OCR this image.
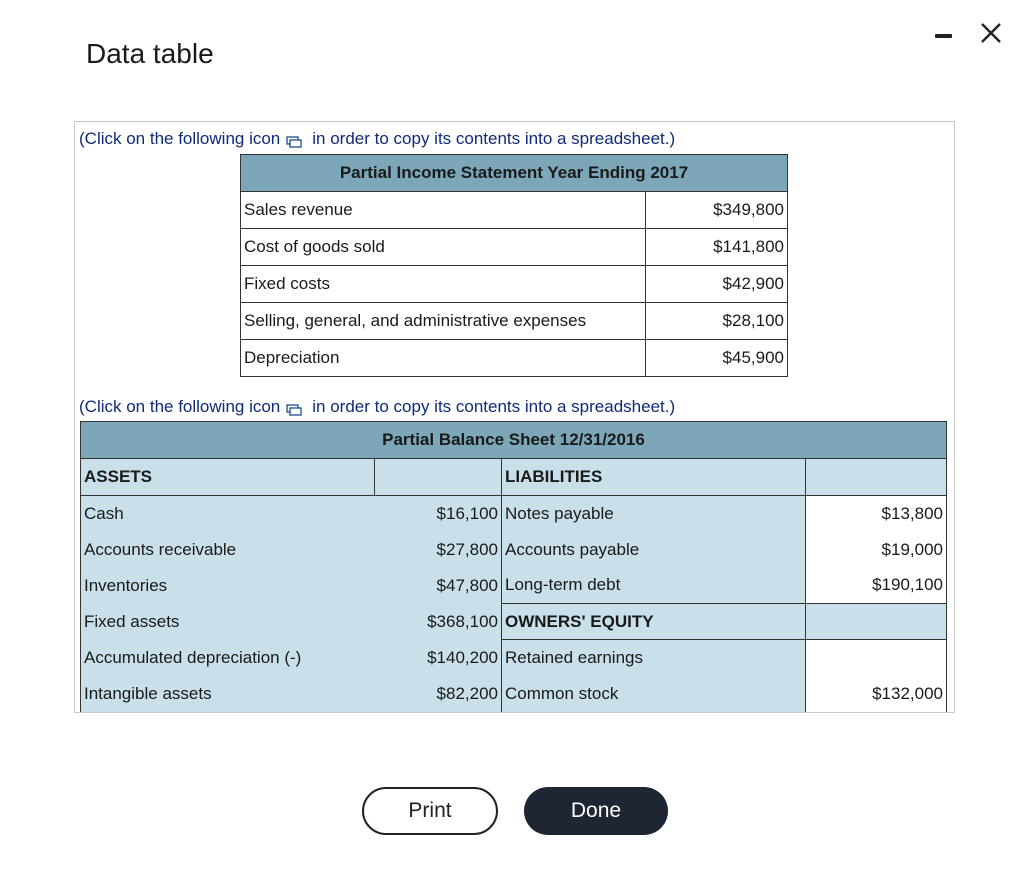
Data table
(Click on the following icon in order to copy its contents into a spreadsheet.)
Partial Income Statement Year Ending 2017	
Sales revenue	$349,800
Cost of goods sold	$141,800
Fixed costs	$42,900
Selling, general, and administrative expenses	$28,100
Depreciation	$45,900
(Click on the following icon in order to copy its contents into a spreadsheet.)
Partial Balance Sheet 12/31/2016			
ASSETS		LIABILITIES	
Cash	$16,100	Notes payable	$13,800
Accounts receivable	$27,800	Accounts payable	$19,000
Inventories	$47,800	Long-term debt	$190,100
Fixed assets	$368,100	OWNERS' EQUITY	
Accumulated depreciation (-)	$140,200	Retained earnings	
Intangible assets	$82,200	Common stock	$132,000
Print	Done
